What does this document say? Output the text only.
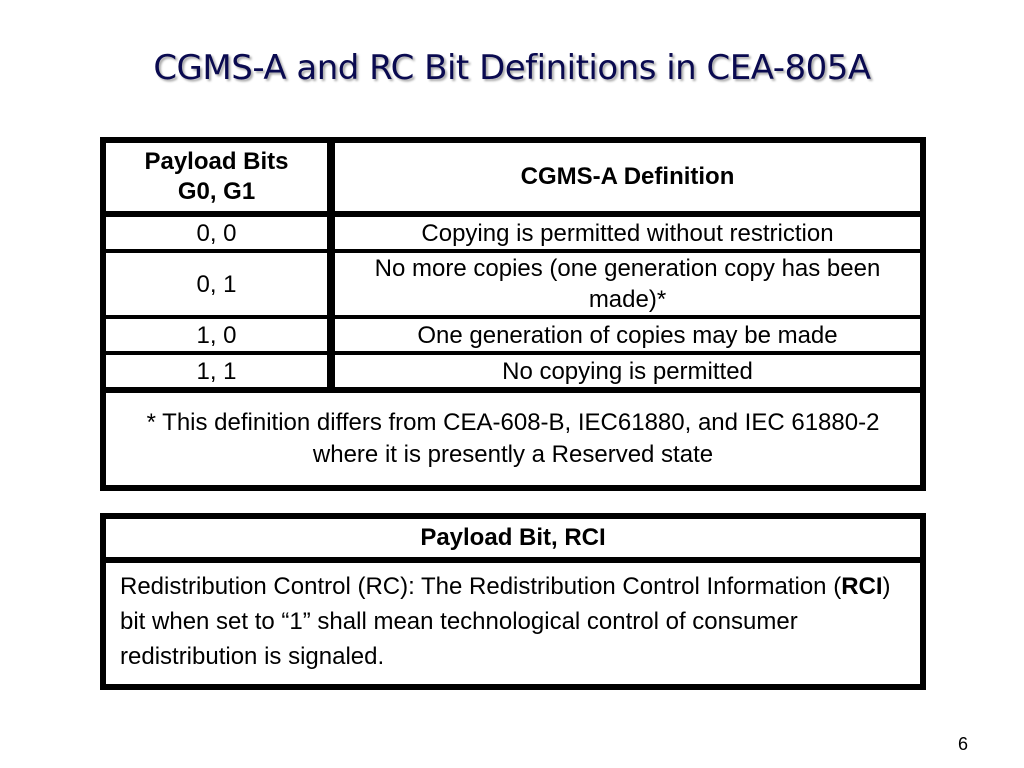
CGMS-A and RC Bit Definitions in CEA-805A
Payload Bits
G0, G1	CGMS-A Definition
0, 0	Copying is permitted without restriction
0, 1	No more copies (one generation copy has been made)*
1, 0	One generation of copies may be made
1, 1	No copying is permitted
* This definition differs from CEA-608-B, IEC61880, and IEC 61880-2 where it is presently a Reserved state	
Payload Bit, RCI
Redistribution Control (RC): The Redistribution Control Information (RCI) bit when set to “1” shall mean technological control of consumer redistribution is signaled.
6
